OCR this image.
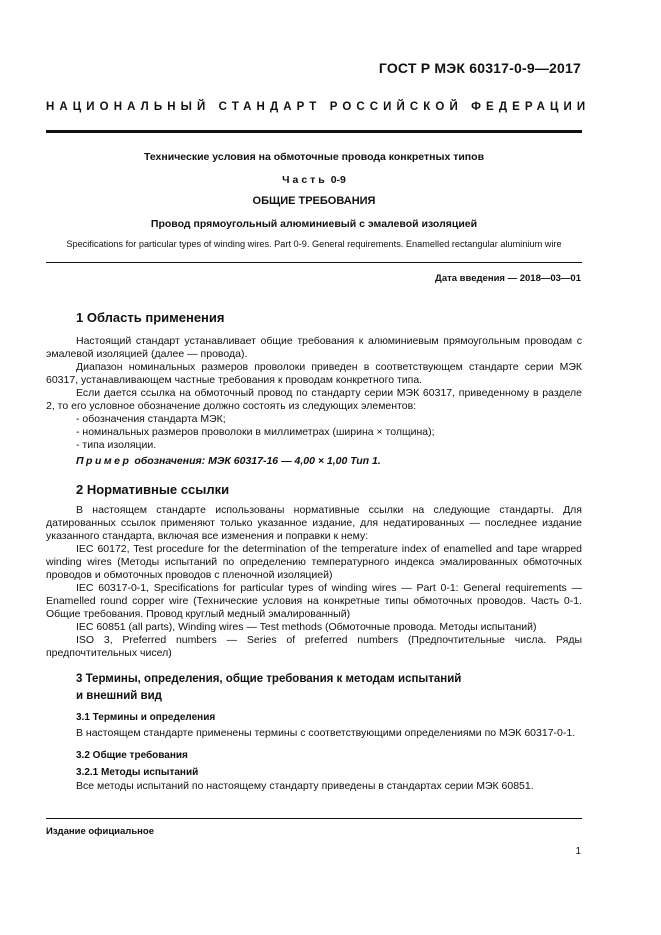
ГОСТ Р МЭК 60317-0-9—2017
НАЦИОНАЛЬНЫЙ СТАНДАРТ РОССИЙСКОЙ ФЕДЕРАЦИИ
Технические условия на обмоточные провода конкретных типов
Часть 0-9
ОБЩИЕ ТРЕБОВАНИЯ
Провод прямоугольный алюминиевый с эмалевой изоляцией
Specifications for particular types of winding wires. Part 0-9. General requirements. Enamelled rectangular aluminium wire
Дата введения — 2018—03—01
1 Область применения

Настоящий стандарт устанавливает общие требования к алюминиевым прямоугольным проводам с эмалевой изоляцией (далее — провода).

Диапазон номинальных размеров проволоки приведен в соответствующем стандарте серии МЭК 60317, устанавливающем частные требования к проводам конкретного типа.

Если дается ссылка на обмоточный провод по стандарту серии МЭК 60317, приведенному в разделе 2, то его условное обозначение должно состоять из следующих элементов:

- обозначения стандарта МЭК;

- номинальных размеров проволоки в миллиметрах (ширина × толщина);

- типа изоляции.

Пример обозначения: МЭК 60317-16 — 4,00 × 1,00 Тип 1.

2 Нормативные ссылки

В настоящем стандарте использованы нормативные ссылки на следующие стандарты. Для датированных ссылок применяют только указанное издание, для недатированных — последнее издание указанного стандарта, включая все изменения и поправки к нему:

IEC 60172, Test procedure for the determination of the temperature index of enamelled and tape wrapped winding wires (Методы испытаний по определению температурного индекса эмалированных обмоточных проводов и обмоточных проводов с пленочной изоляцией)

IEC 60317-0-1, Specifications for particular types of winding wires — Part 0-1: General requirements — Enamelled round copper wire (Технические условия на конкретные типы обмоточных проводов. Часть 0-1. Общие требования. Провод круглый медный эмалированный)

IEC 60851 (all parts), Winding wires — Test methods (Обмоточные провода. Методы испытаний)

ISO 3, Preferred numbers — Series of preferred numbers (Предпочтительные числа. Ряды предпочтительных чисел)

3 Термины, определения, общие требования к методам испытаний
и внешний вид
3.1 Термины и определения

В настоящем стандарте применены термины с соответствующими определениями по МЭК 60317-0-1.

3.2 Общие требования
3.2.1 Методы испытаний

Все методы испытаний по настоящему стандарту приведены в стандартах серии МЭК 60851.

Издание официальное
1
